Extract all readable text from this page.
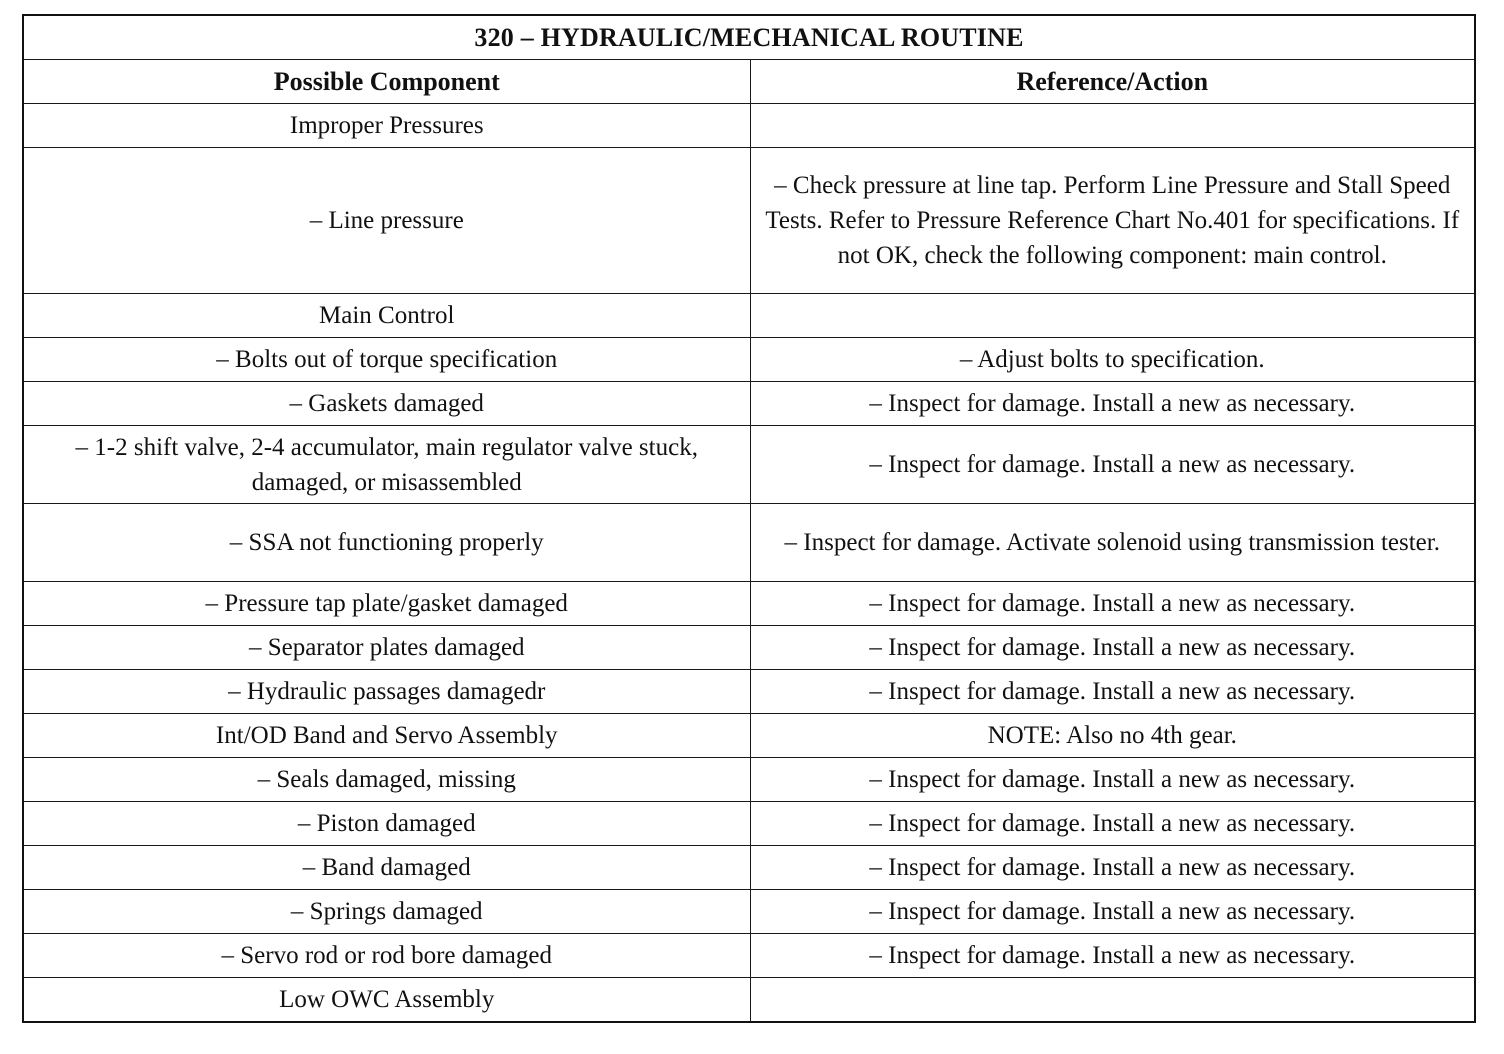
320 – HYDRAULIC/MECHANICAL ROUTINE	
Possible Component	Reference/Action
Improper Pressures	
– Line pressure	– Check pressure at line tap. Perform Line Pressure and Stall Speed Tests. Refer to Pressure Reference Chart No.401 for specifications. If not OK, check the following component: main control.
Main Control	
– Bolts out of torque specification	– Adjust bolts to specification.
– Gaskets damaged	– Inspect for damage. Install a new as necessary.
– 1-2 shift valve, 2-4 accumulator, main regulator valve stuck, damaged, or misassembled	– Inspect for damage. Install a new as necessary.
– SSA not functioning properly	– Inspect for damage. Activate solenoid using transmission tester.
– Pressure tap plate/gasket damaged	– Inspect for damage. Install a new as necessary.
– Separator plates damaged	– Inspect for damage. Install a new as necessary.
– Hydraulic passages damagedr	– Inspect for damage. Install a new as necessary.
Int/OD Band and Servo Assembly	NOTE: Also no 4th gear.
– Seals damaged, missing	– Inspect for damage. Install a new as necessary.
– Piston damaged	– Inspect for damage. Install a new as necessary.
– Band damaged	– Inspect for damage. Install a new as necessary.
– Springs damaged	– Inspect for damage. Install a new as necessary.
– Servo rod or rod bore damaged	– Inspect for damage. Install a new as necessary.
Low OWC Assembly	
